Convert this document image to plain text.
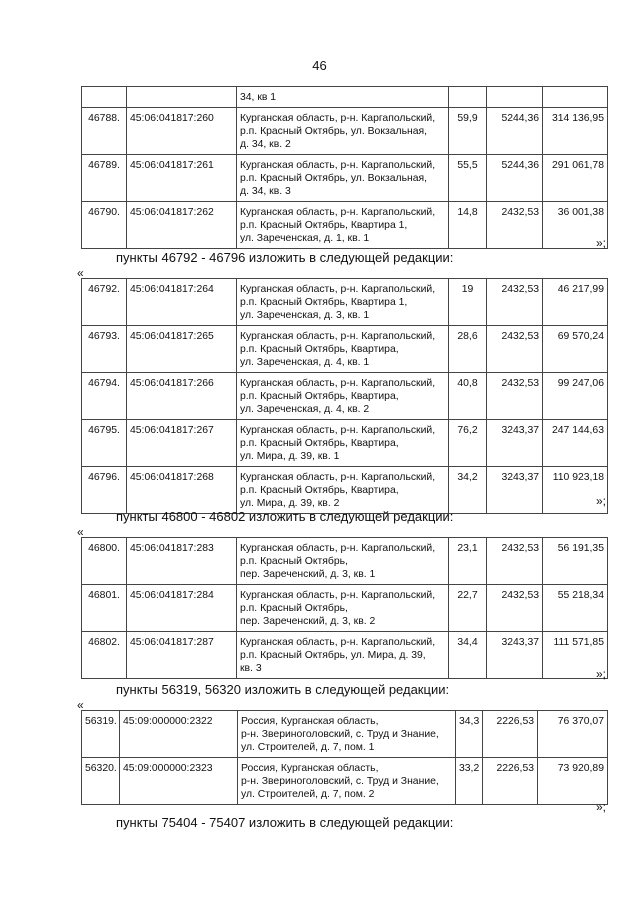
46

		34, кв 1			

46788.	45:06:041817:260	Курганская область, р-н. Каргапольский,
р.п. Красный Октябрь, ул. Вокзальная,
д. 34, кв. 2	59,9	5244,36	314 136,95
46789.	45:06:041817:261	Курганская область, р-н. Каргапольский,
р.п. Красный Октябрь, ул. Вокзальная,
д. 34, кв. 3	55,5	5244,36	291 061,78
46790.	45:06:041817:262	Курганская область, р-н. Каргапольский,
р.п. Красный Октябрь, Квартира 1,
ул. Зареченская, д. 1, кв. 1	14,8	2432,53	36 001,38
»;
пункты 46792 - 46796 изложить в следующей редакции:
«
46792.	45:06:041817:264	Курганская область, р-н. Каргапольский,
р.п. Красный Октябрь, Квартира 1,
ул. Зареченская, д. 3, кв. 1	19	2432,53	46 217,99
46793.	45:06:041817:265	Курганская область, р-н. Каргапольский,
р.п. Красный Октябрь, Квартира,
ул. Зареченская, д. 4, кв. 1	28,6	2432,53	69 570,24
46794.	45:06:041817:266	Курганская область, р-н. Каргапольский,
р.п. Красный Октябрь, Квартира,
ул. Зареченская, д. 4, кв. 2	40,8	2432,53	99 247,06
46795.	45:06:041817:267	Курганская область, р-н. Каргапольский,
р.п. Красный Октябрь, Квартира,
ул. Мира, д. 39, кв. 1	76,2	3243,37	247 144,63
46796.	45:06:041817:268	Курганская область, р-н. Каргапольский,
р.п. Красный Октябрь, Квартира,
ул. Мира, д. 39, кв. 2	34,2	3243,37	110 923,18
»;
пункты 46800 - 46802 изложить в следующей редакции:
«
46800.	45:06:041817:283	Курганская область, р-н. Каргапольский,
р.п. Красный Октябрь,
пер. Зареченский, д. 3, кв. 1	23,1	2432,53	56 191,35
46801.	45:06:041817:284	Курганская область, р-н. Каргапольский,
р.п. Красный Октябрь,
пер. Зареченский, д. 3, кв. 2	22,7	2432,53	55 218,34
46802.	45:06:041817:287	Курганская область, р-н. Каргапольский,
р.п. Красный Октябрь, ул. Мира, д. 39,
кв. 3	34,4	3243,37	111 571,85
»;
пункты 56319, 56320 изложить в следующей редакции:
«
56319.	45:09:000000:2322	Россия, Курганская область,
р-н. Звериноголовский, с. Труд и Знание,
ул. Строителей, д. 7, пом. 1	34,3	2226,53	76 370,07
56320.	45:09:000000:2323	Россия, Курганская область,
р-н. Звериноголовский, с. Труд и Знание,
ул. Строителей, д. 7, пом. 2	33,2	2226,53	73 920,89
»;
пункты 75404 - 75407 изложить в следующей редакции:
